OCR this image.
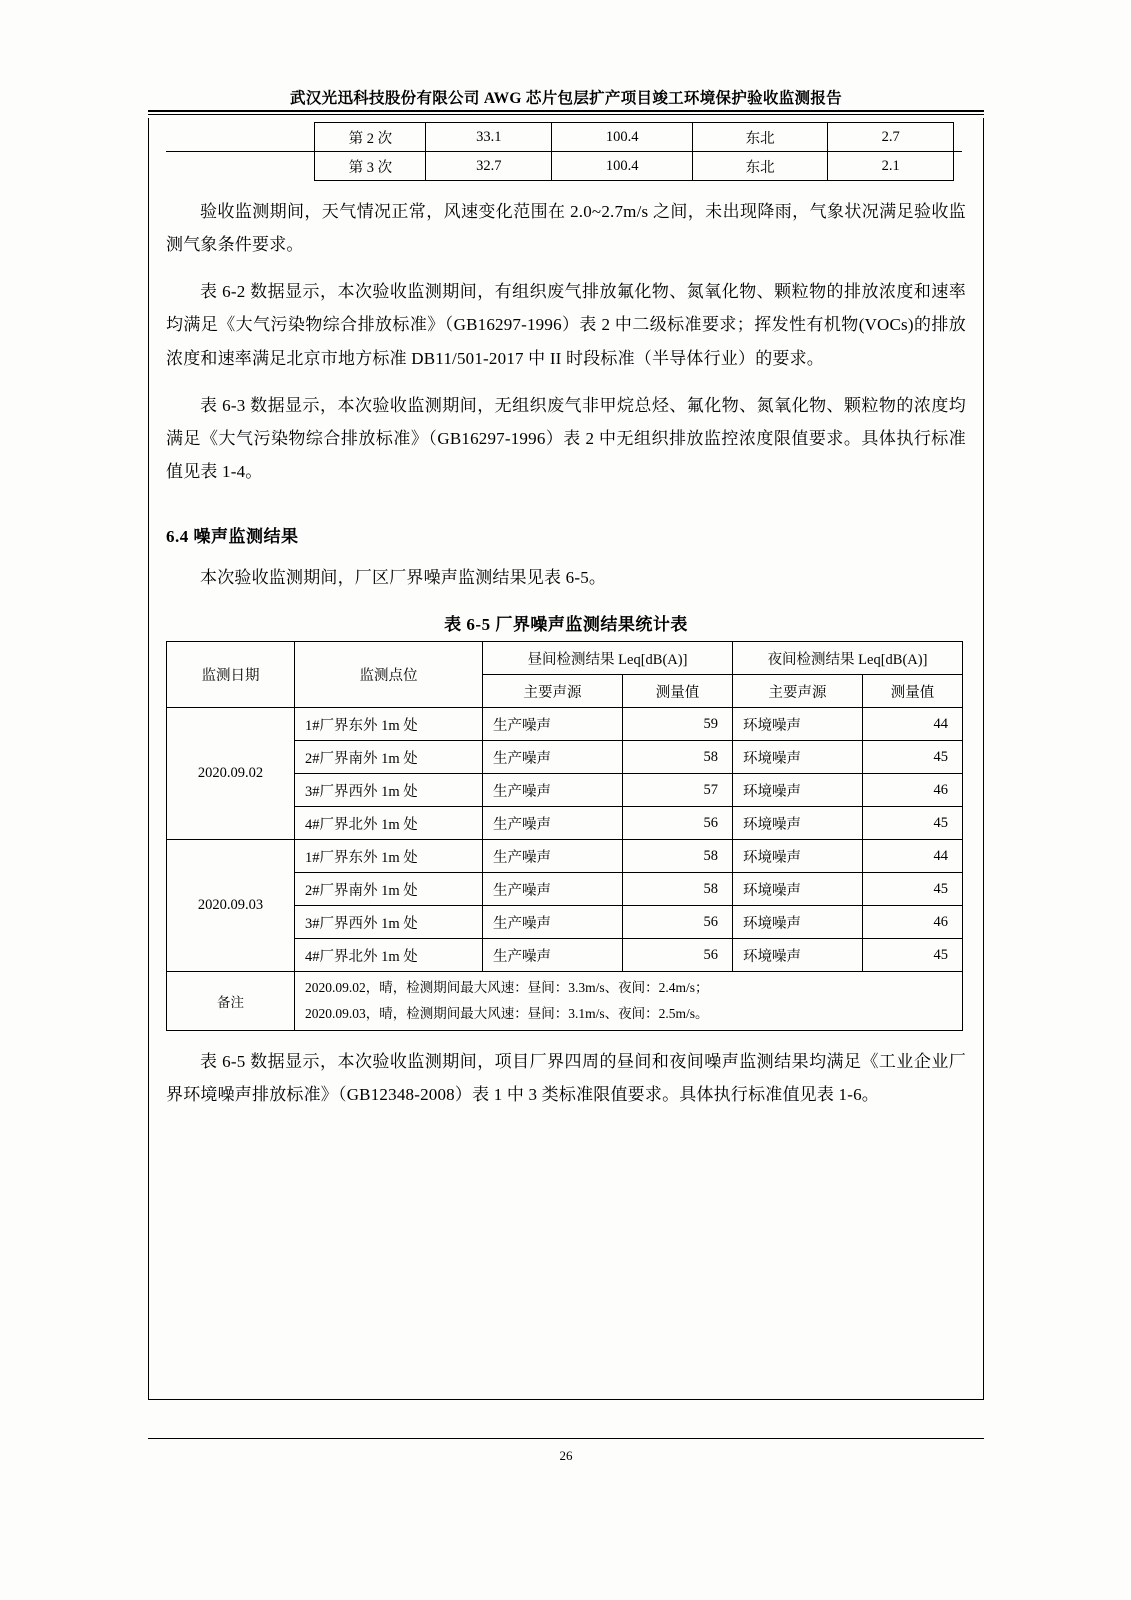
武汉光迅科技股份有限公司 AWG 芯片包层扩产项目竣工环境保护验收监测报告
	第 2 次	33.1	100.4	东北	2.7	
	第 3 次	32.7	100.4	东北	2.1	

验收监测期间，天气情况正常，风速变化范围在 2.0~2.7m/s 之间，未出现降雨，气象状况满足验收监测气象条件要求。

表 6-2 数据显示，本次验收监测期间，有组织废气排放氟化物、氮氧化物、颗粒物的排放浓度和速率均满足《大气污染物综合排放标准》（GB16297-1996）表 2 中二级标准要求；挥发性有机物(VOCs)的排放浓度和速率满足北京市地方标准 DB11/501-2017 中 II 时段标准（半导体行业）的要求。

表 6-3 数据显示，本次验收监测期间，无组织废气非甲烷总烃、氟化物、氮氧化物、颗粒物的浓度均满足《大气污染物综合排放标准》（GB16297-1996）表 2 中无组织排放监控浓度限值要求。具体执行标准值见表 1-4。

6.4 噪声监测结果

本次验收监测期间，厂区厂界噪声监测结果见表 6-5。

表 6-5 厂界噪声监测结果统计表
监测日期	监测点位	昼间检测结果 Leq[dB(A)]		夜间检测结果 Leq[dB(A)]	
		主要声源	测量值	主要声源	测量值
2020.09.02	1#厂界东外 1m 处	生产噪声	59	环境噪声	44
	2#厂界南外 1m 处	生产噪声	58	环境噪声	45
	3#厂界西外 1m 处	生产噪声	57	环境噪声	46
	4#厂界北外 1m 处	生产噪声	56	环境噪声	45
2020.09.03	1#厂界东外 1m 处	生产噪声	58	环境噪声	44
	2#厂界南外 1m 处	生产噪声	58	环境噪声	45
	3#厂界西外 1m 处	生产噪声	56	环境噪声	46
	4#厂界北外 1m 处	生产噪声	56	环境噪声	45
备注	2020.09.02，晴，检测期间最大风速：昼间：3.3m/s、夜间：2.4m/s；
2020.09.03，晴，检测期间最大风速：昼间：3.1m/s、夜间：2.5m/s。				

表 6-5 数据显示，本次验收监测期间，项目厂界四周的昼间和夜间噪声监测结果均满足《工业企业厂界环境噪声排放标准》（GB12348-2008）表 1 中 3 类标准限值要求。具体执行标准值见表 1-6。

26
